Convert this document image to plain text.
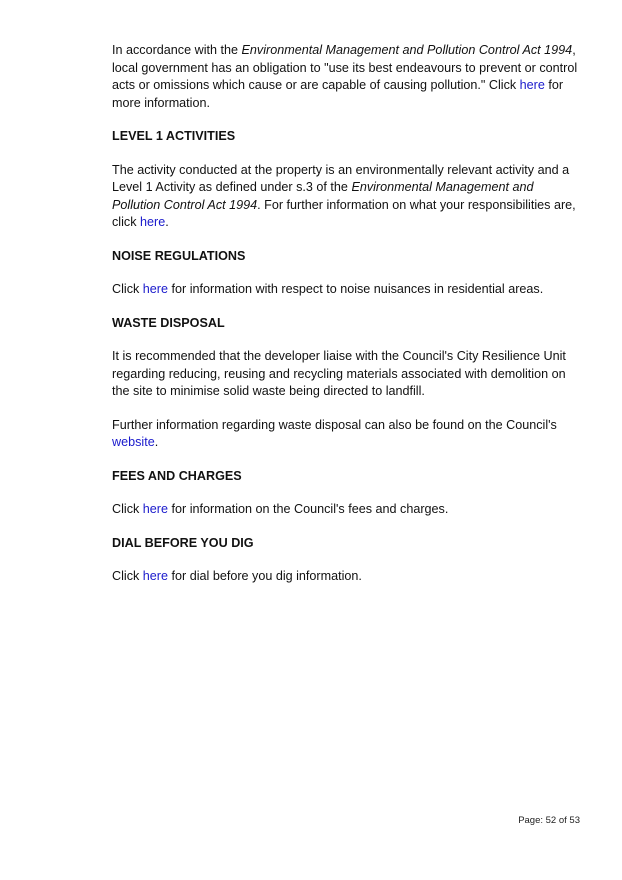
In accordance with the Environmental Management and Pollution Control Act 1994, local government has an obligation to "use its best endeavours to prevent or control acts or omissions which cause or are capable of causing pollution." Click here for more information.

LEVEL 1 ACTIVITIES

The activity conducted at the property is an environmentally relevant activity and a Level 1 Activity as defined under s.3 of the Environmental Management and Pollution Control Act 1994. For further information on what your responsibilities are, click here.

NOISE REGULATIONS

Click here for information with respect to noise nuisances in residential areas.

WASTE DISPOSAL

It is recommended that the developer liaise with the Council's City Resilience Unit regarding reducing, reusing and recycling materials associated with demolition on the site to minimise solid waste being directed to landfill.

Further information regarding waste disposal can also be found on the Council's website.

FEES AND CHARGES

Click here for information on the Council's fees and charges.

DIAL BEFORE YOU DIG

Click here for dial before you dig information.

Page: 52 of 53
